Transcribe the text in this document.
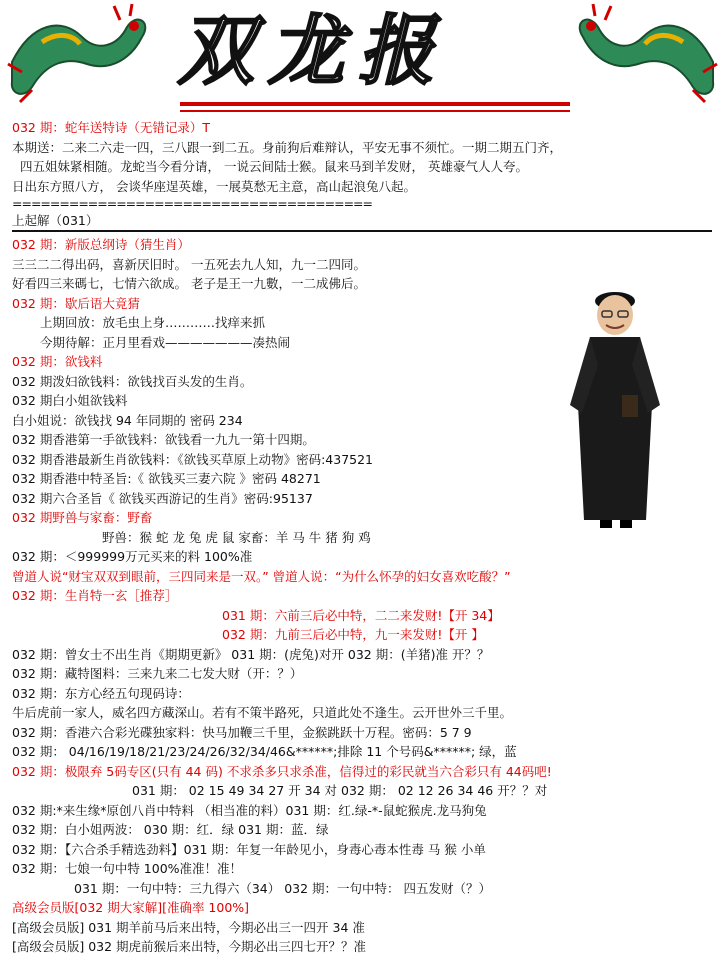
双龙报
032 期：蛇年送特诗（无错记录）T
本期送：二来二六走一四，三八跟一到二五。身前狗后难辩认，平安无事不须忙。一期二期五门齐，
四五姐妹紧相随。龙蛇当今看分请， 一说云间陆士猴。鼠来马到羊发财， 英雄豪气人人夸。
日出东方照八方， 会谈华座逞英雄，一展莫愁无主意，高山起浪兔八起。
======================================
上起解（031）
032 期：新版总纲诗（猜生肖）
三三二二得出码，喜新厌旧时。 一五死去九人知，九一二四同。
好看四三来碼七，七情六欲成。 老子是王一九數，一二成佛后。
032 期：歇后语大竟猜
上期回放：放毛虫上身…………找痒来抓
今期待解：正月里看戏———————凑热闹
032 期：欲钱料
032 期泼妇欲钱料：欲钱找百头发的生肖。
032 期白小姐欲钱料
白小姐说：欲钱找 94 年同期的 密码 234
032 期香港第一手欲钱料：欲钱看一九九一第十四期。
032 期香港最新生肖欲钱料：《欲钱买草原上动物》密码:437521
032 期香港中特圣旨:《 欲钱买三妻六院 》密码 48271
032 期六合圣旨《 欲钱买西游记的生肖》密码:95137
032 期野兽与家畜：野畜
野兽：猴 蛇 龙 兔 虎 鼠 家畜：羊 马 牛 猪 狗 鸡
032 期：＜999999万元买来的料 100%准
曾道人说“财宝双双到眼前，三四同来是一双。” 曾道人说：“为什么怀孕的妇女喜欢吃酸？”
032 期：生肖特一玄［推荐］
031 期：六前三后必中特，二二来发财!【开 34】
032 期：九前三后必中特，九一来发财!【开 】
032 期：曾女士不出生肖《期期更新》 031 期：(虎兔)对开 032 期：(羊猪)准 开？？
032 期：藏特图料：三来九来二七发大财（开：？）
032 期：东方心经五句现码诗：
牛后虎前一家人，威名四方藏深山。若有不策半路死，只道此处不逢生。云开世外三千里。
032 期：香港六合彩光碟独家料：快马加鞭三千里，金猴跳跃十万程。密码：5 7 9
032 期： 04/16/19/18/21/23/24/26/32/34/46&******;排除 11 个号码&******; 绿，蓝
032 期：极限弃 5码专区(只有 44 码) 不求杀多只求杀准，信得过的彩民就当六合彩只有 44码吧!
031 期： 02 15 49 34 27 开 34 对 032 期： 02 12 26 34 46 开？？对
032 期:*来生缘*原创八肖中特料 （相当准的料）031 期：红.绿-*-鼠蛇猴虎.龙马狗兔
032 期：白小姐两波： 030 期：红．绿 031 期：蓝．绿
032 期：【六合杀手精选劲料】031 期：年复一年龄见小，身毒心毒本性毒 马 猴 小单
032 期：七娘一句中特 100%准准！准！
031 期：一句中特：三九得六（34） 032 期：一句中特： 四五发财（？）
高级会员版[032 期大家解][准确率 100%]
[高级会员版] 031 期羊前马后来出特，今期必出三一四开 34 准
[高级会员版] 032 期虎前猴后来出特，今期必出三四七开？？准
